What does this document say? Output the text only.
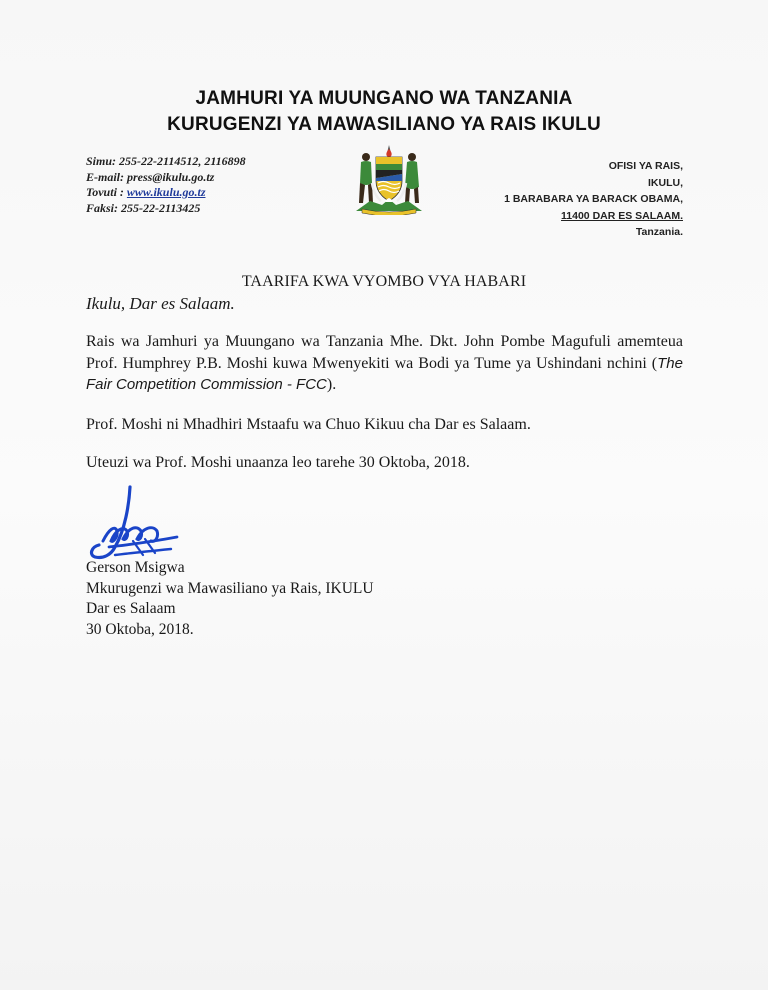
JAMHURI YA MUUNGANO WA TANZANIA
KURUGENZI YA MAWASILIANO YA RAIS IKULU
Simu: 255-22-2114512, 2116898
E-mail: press@ikulu.go.tz
Tovuti : www.ikulu.go.tz
Faksi: 255-22-2113425
OFISI YA RAIS,
IKULU,
1 BARABARA YA BARACK OBAMA,
11400 DAR ES SALAAM.
Tanzania.
TAARIFA KWA VYOMBO VYA HABARI
Ikulu, Dar es Salaam.
Rais wa Jamhuri ya Muungano wa Tanzania Mhe. Dkt. John Pombe Magufuli amemteua Prof. Humphrey P.B. Moshi kuwa Mwenyekiti wa Bodi ya Tume ya Ushindani nchini (The Fair Competition Commission - FCC).
Prof. Moshi ni Mhadhiri Mstaafu wa Chuo Kikuu cha Dar es Salaam.
Uteuzi wa Prof. Moshi unaanza leo tarehe 30 Oktoba, 2018.
Gerson Msigwa
Mkurugenzi wa Mawasiliano ya Rais, IKULU
Dar es Salaam
30 Oktoba, 2018.
